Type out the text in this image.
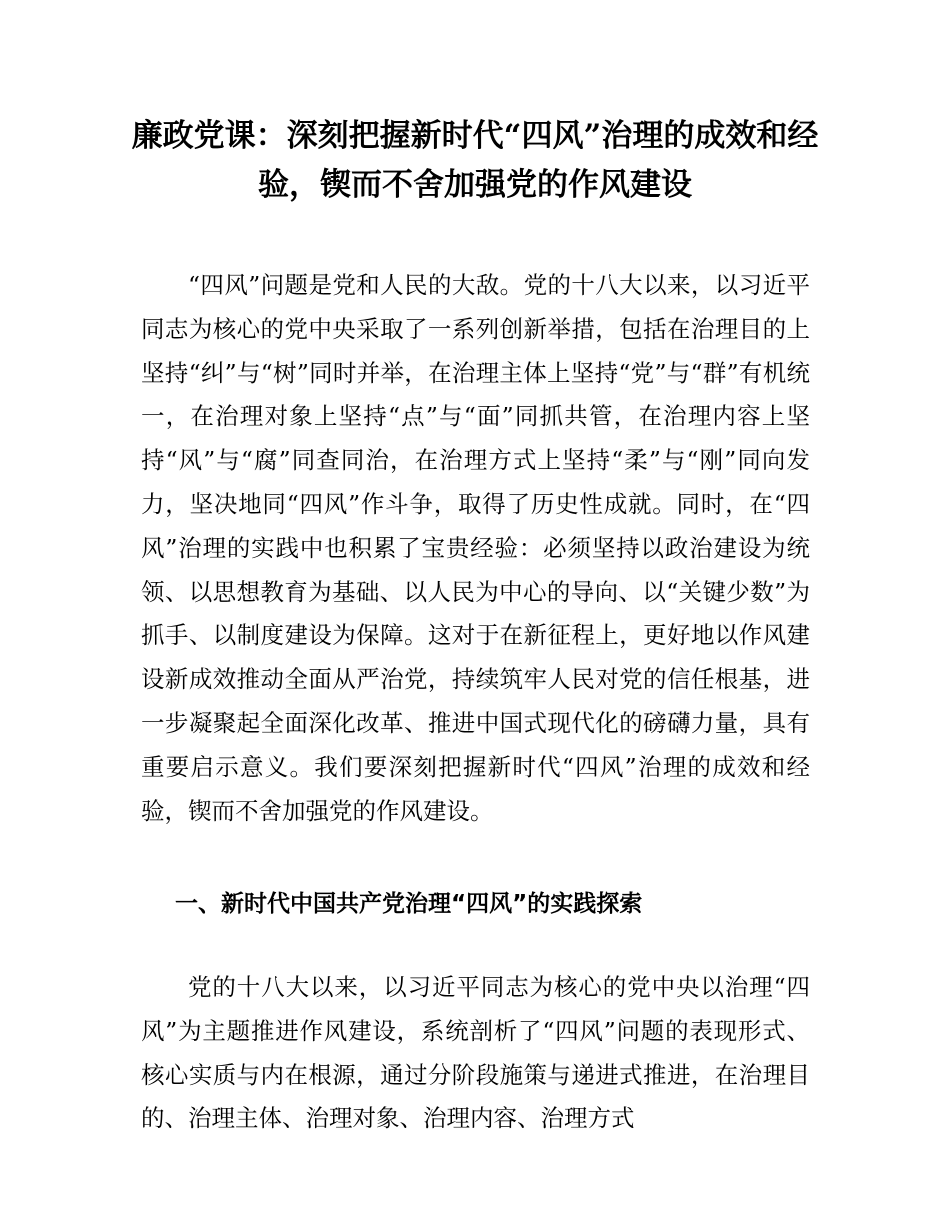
廉政党课：深刻把握新时代“四风”治理的成效和经验，锲而不舍加强党的作风建设

“四风”问题是党和人民的大敌。党的十八大以来，以习近平同志为核心的党中央采取了一系列创新举措，包括在治理目的上坚持“纠”与“树”同时并举，在治理主体上坚持“党”与“群”有机统一，在治理对象上坚持“点”与“面”同抓共管，在治理内容上坚持“风”与“腐”同查同治，在治理方式上坚持“柔”与“刚”同向发力，坚决地同“四风”作斗争，取得了历史性成就。同时，在“四风”治理的实践中也积累了宝贵经验：必须坚持以政治建设为统领、以思想教育为基础、以人民为中心的导向、以“关键少数”为抓手、以制度建设为保障。这对于在新征程上，更好地以作风建设新成效推动全面从严治党，持续筑牢人民对党的信任根基，进一步凝聚起全面深化改革、推进中国式现代化的磅礴力量，具有重要启示意义。我们要深刻把握新时代“四风”治理的成效和经验，锲而不舍加强党的作风建设。

一、新时代中国共产党治理“四风”的实践探索

党的十八大以来，以习近平同志为核心的党中央以治理“四风”为主题推进作风建设，系统剖析了“四风”问题的表现形式、核心实质与内在根源，通过分阶段施策与递进式推进，在治理目的、治理主体、治理对象、治理内容、治理方式
